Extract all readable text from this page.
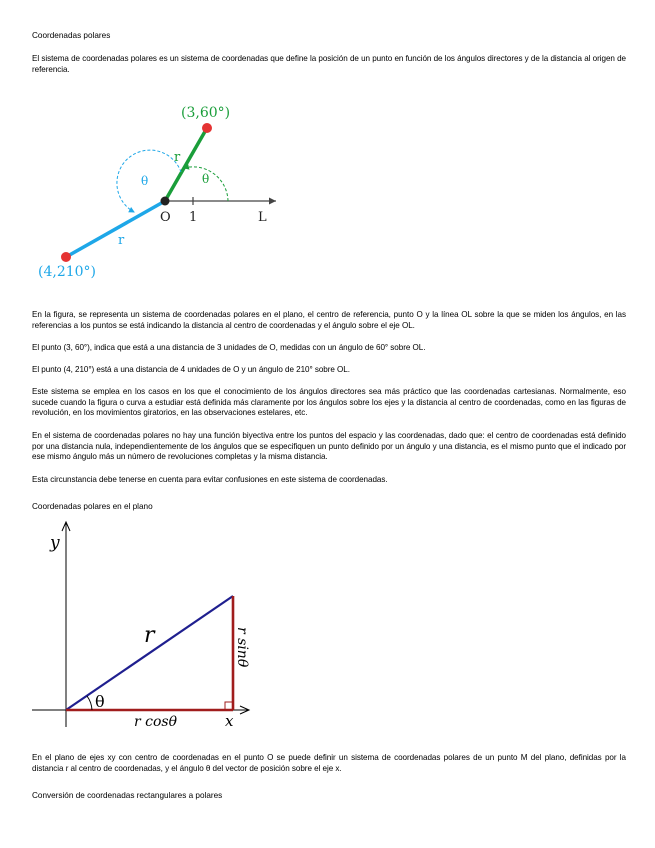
Coordenadas polares
El sistema de coordenadas polares es un sistema de coordenadas que define la posición de un punto en función de los ángulos directores y de la distancia al origen de referencia.
(3,60°)
(4,210°)
O 1	L
r
r
θ
θ
En la figura, se representa un sistema de coordenadas polares en el plano, el centro de referencia, punto O y la línea OL sobre la que se miden los ángulos, en las referencias a los puntos se está indicando la distancia al centro de coordenadas y el ángulo sobre el eje OL.
El punto (3, 60°), indica que está a una distancia de 3 unidades de O, medidas con un ángulo de 60° sobre OL.
El punto (4, 210°) está a una distancia de 4 unidades de O y un ángulo de 210° sobre OL.
Este sistema se emplea en los casos en los que el conocimiento de los ángulos directores sea más práctico que las coordenadas cartesianas. Normalmente, eso sucede cuando la figura o curva a estudiar está definida más claramente por los ángulos sobre los ejes y la distancia al centro de coordenadas, como en las figuras de revolución, en los movimientos giratorios, en las observaciones estelares, etc.
En el sistema de coordenadas polares no hay una función biyectiva entre los puntos del espacio y las coordenadas, dado que: el centro de coordenadas está definido por una distancia nula, independientemente de los ángulos que se especifiquen un punto definido por un ángulo y una distancia, es el mismo punto que el indicado por ese mismo ángulo más un número de revoluciones completas y la misma distancia.
Esta circunstancia debe tenerse en cuenta para evitar confusiones en este sistema de coordenadas.
Coordenadas polares en el plano
y
x
r
θ
r cosθ
r sinθ
En el plano de ejes xy con centro de coordenadas en el punto O se puede definir un sistema de coordenadas polares de un punto M del plano, definidas por la distancia r al centro de coordenadas, y el ángulo θ del vector de posición sobre el eje x.
Conversión de coordenadas rectangulares a polares
